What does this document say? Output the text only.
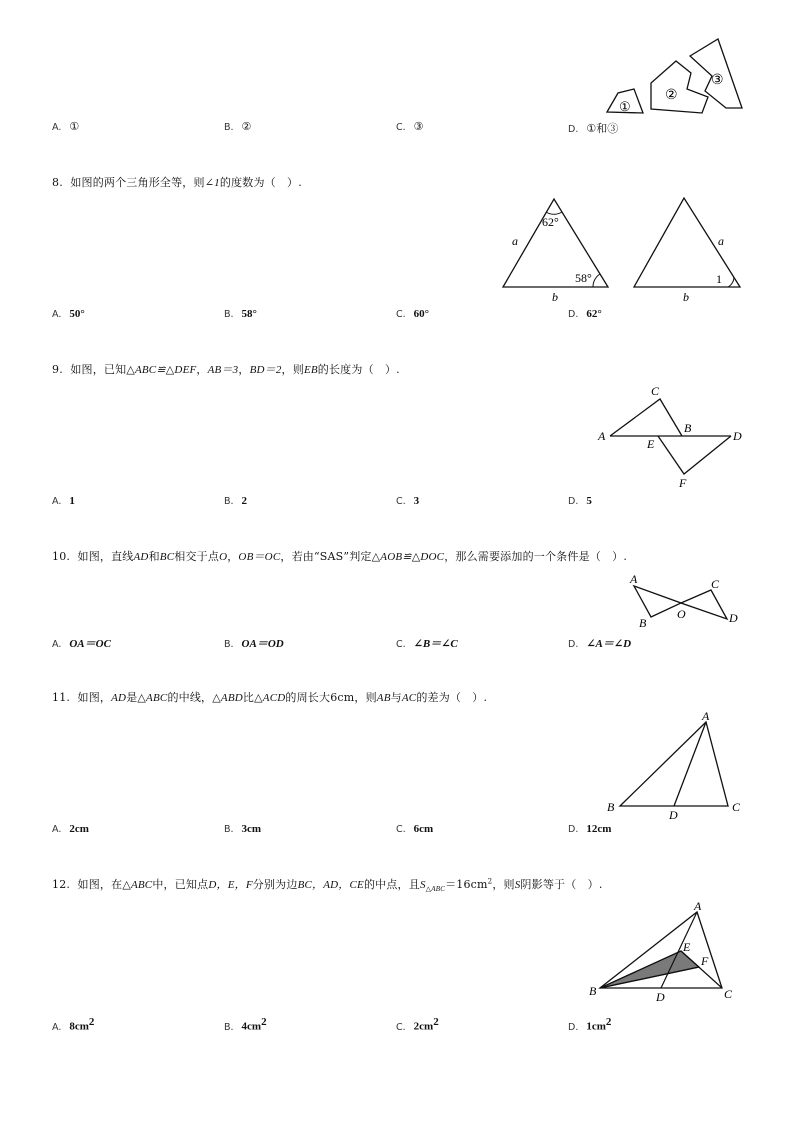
①
②
③
A. ①	B. ②	C. ③	D. ①和③
8. 如图的两个三角形全等，则∠1的度数为（　）.
62°
58°
a
b
1
a
b
A. 50°	B. 58°	C. 60°	D. 62°
9. 如图，已知△ABC≌△DEF，AB＝3，BD＝2，则EB的长度为（　）.
A
C
B
E
D
F
A. 1	B. 2	C. 3	D. 5
10. 如图，直线AD和BC相交于点O，OB＝OC，若由“SAS”判定△AOB≌△DOC，那么需要添加的一个条件是（　）.
A
B
O
C
D
A. OA＝OC	B. OA＝OD	C. ∠B＝∠C	D. ∠A＝∠D
11. 如图，AD是△ABC的中线，△ABD比△ACD的周长大6cm，则AB与AC的差为（　）.
A
B	C
D
A. 2cm	B. 3cm	C. 6cm	D. 12cm
12. 如图，在△ABC中，已知点D，E，F分别为边BC，AD，CE的中点，且$S_{\triangle ABC}=16cm^2$，则S阴影等于（　）.
A
B	C
D
E
F
A. $8cm^2$	B. $4cm^2$	C. $2cm^2$	D. $1cm^2$
